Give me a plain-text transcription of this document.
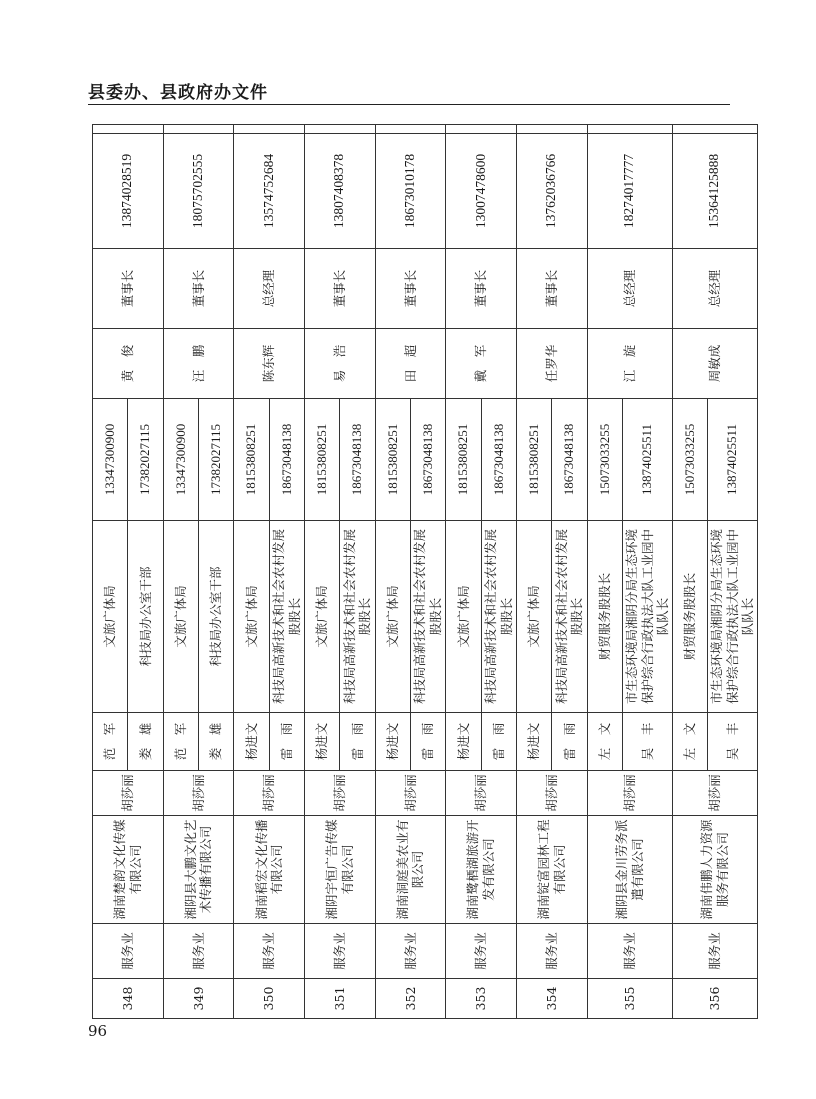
县委办、县政府办文件
348	服务业	湖南楚韵文化传媒有限公司	胡莎丽	范　军	文旅广体局	13347300900	黄　俊	董事长	13874028519	
				娄　雄	科技局办公室干部	17382027115				
349	服务业	湘阴县大鹏文化艺术传播有限公司	胡莎丽	范　军	文旅广体局	13347300900	汪　鹏	董事长	18075702555	
				娄　雄	科技局办公室干部	17382027115				
350	服务业	湖南稻宏文化传播有限公司	胡莎丽	杨进文	文旅广体局	18153808251	陈东辉	总经理	13574752684	
				雷　雨	科技局高新技术和社会农村发展股股长	18673048138				
351	服务业	湘阴宇恒广告传媒有限公司	胡莎丽	杨进文	文旅广体局	18153808251	易　浩	董事长	13807408378	
				雷　雨	科技局高新技术和社会农村发展股股长	18673048138				
352	服务业	湖南洞庭美农业有限公司	胡莎丽	杨进文	文旅广体局	18153808251	田　超	董事长	18673010178	
				雷　雨	科技局高新技术和社会农村发展股股长	18673048138				
353	服务业	湖南鹭栖湖旅游开发有限公司	胡莎丽	杨进文	文旅广体局	18153808251	戴　军	董事长	13007478600	
				雷　雨	科技局高新技术和社会农村发展股股长	18673048138				
354	服务业	湖南锭富园林工程有限公司	胡莎丽	杨进文	文旅广体局	18153808251	任罗华	董事长	13762036766	
				雷　雨	科技局高新技术和社会农村发展股股长	18673048138				
355	服务业	湘阴县金川劳务派遣有限公司	胡莎丽	左　文	财贸服务股股长	15073033255	江　旋	总经理	18274017777	
				吴　丰	市生态环境局湘阴分局生态环境保护综合行政执法大队工业园中队队长	13874025511				
356	服务业	湖南伟鹏人力资源服务有限公司	胡莎丽	左　文	财贸服务股股长	15073033255	周敏成	总经理	15364125888	
				吴　丰	市生态环境局湘阴分局生态环境保护综合行政执法大队工业园中队队长	13874025511				
96
